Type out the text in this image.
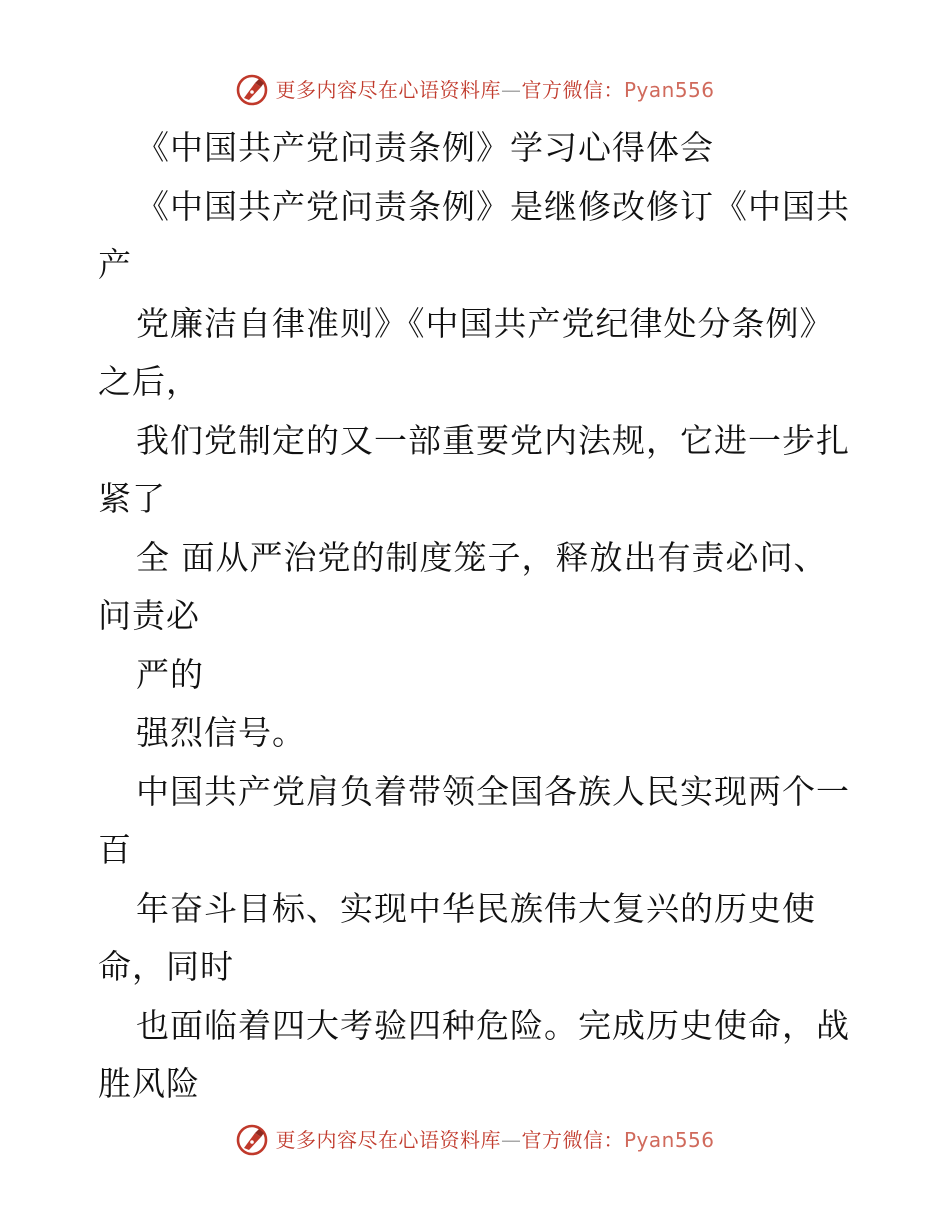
更多内容尽在心语资料库—官方微信：Pyan556
《中国共产党问责条例》学习心得体会
《中国共产党问责条例》是继修改修订《中国共
产
党廉洁自律准则》《中国共产党纪律处分条例》
之后，
我们党制定的又一部重要党内法规，它进一步扎
紧了
全 面从严治党的制度笼子，释放出有责必问、
问责必
严的
强烈信号。
中国共产党肩负着带领全国各族人民实现两个一
百
年奋斗目标、实现中华民族伟大复兴的历史使
命，同时
也面临着四大考验四种危险。完成历史使命，战
胜风险
更多内容尽在心语资料库—官方微信：Pyan556
